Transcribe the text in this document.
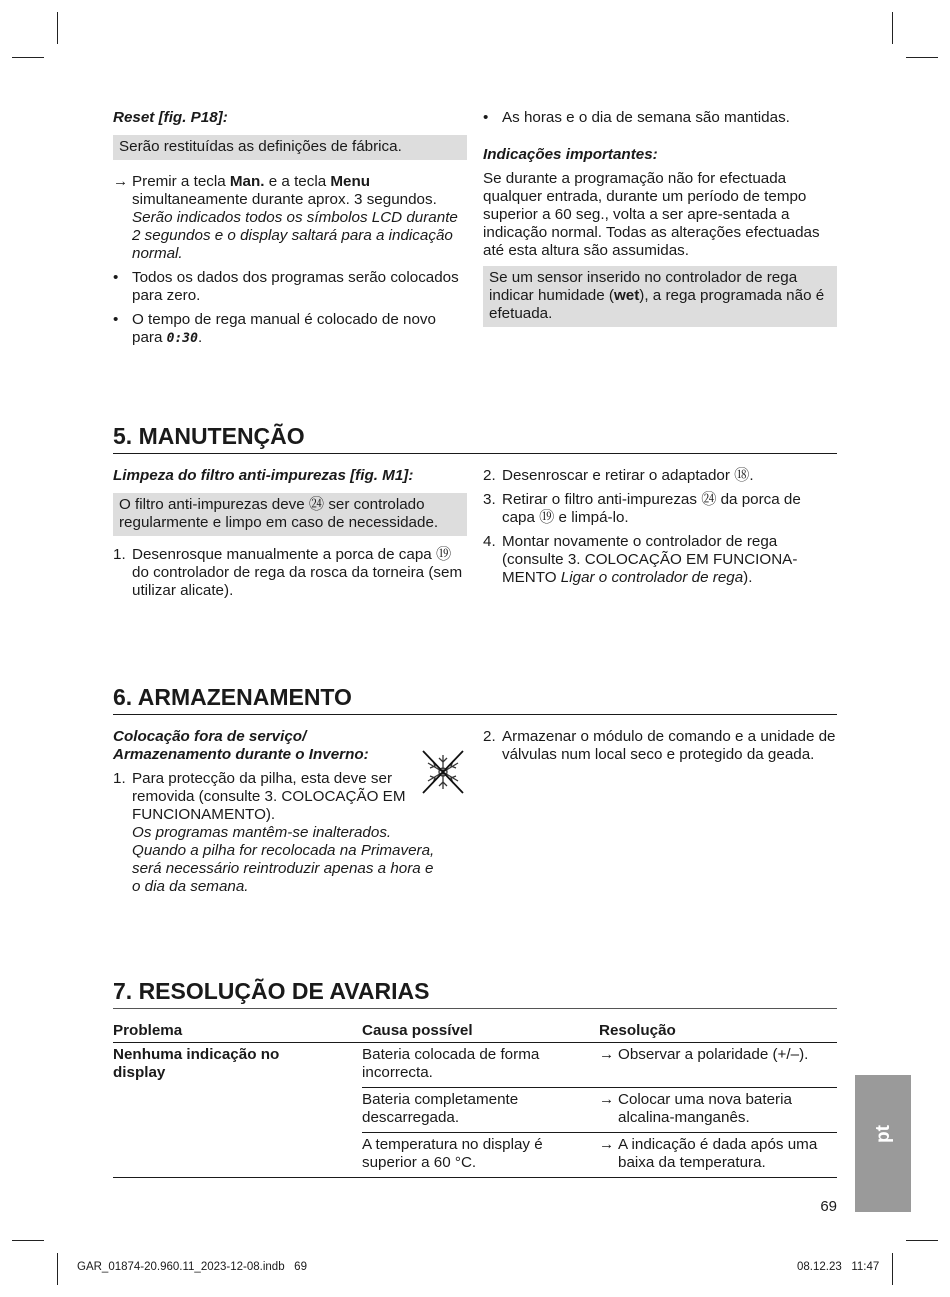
Reset [fig. P18]:
Serão restituídas as definições de fábrica.
→ Premir a tecla Man. e a tecla Menu simultaneamente durante aprox. 3 segundos.
Serão indicados todos os símbolos LCD durante 2 segundos e o display saltará para a indicação normal.
• Todos os dados dos programas serão colocados para zero.
• O tempo de rega manual é colocado de novo para 0:30.
• As horas e o dia de semana são mantidas.
Indicações importantes:

Se durante a programação não for efectuada qualquer entrada, durante um período de tempo superior a 60 seg., volta a ser apre-sentada a indicação normal. Todas as alterações efectuadas até esta altura são assumidas.

Se um sensor inserido no controlador de rega indicar humidade (wet), a rega programada não é efetuada.
5. MANUTENÇÃO
Limpeza do filtro anti-impurezas [fig. M1]:
O filtro anti-impurezas deve ㉔ ser controlado regularmente e limpo em caso de necessidade.
1. Desenrosque manualmente a porca de capa ⑲ do controlador de rega da rosca da torneira (sem utilizar alicate).
2. Desenroscar e retirar o adaptador ⑱.
3. Retirar o filtro anti-impurezas ㉔ da porca de capa ⑲ e limpá-lo.
4. Montar novamente o controlador de rega (consulte 3. COLOCAÇÃO EM FUNCIONA-MENTO Ligar o controlador de rega).
6. ARMAZENAMENTO
Colocação fora de serviço/
Armazenamento durante o Inverno:
1. Para protecção da pilha, esta deve ser removida (consulte 3. COLOCAÇÃO EM FUNCIONAMENTO).
Os programas mantêm-se inalterados. Quando a pilha for recolocada na Primavera, será necessário reintroduzir apenas a hora e o dia da semana.
2. Armazenar o módulo de comando e a unidade de válvulas num local seco e protegido da geada.
7. RESOLUÇÃO DE AVARIAS
Problema	Causa possível	Resolução

Nenhuma indicação no display	Bateria colocada de forma incorrecta.	→ Observar a polaridade (+/–).

	Bateria completamente descarregada.	→ Colocar uma nova bateria alcalina-manganês.

	A temperatura no display é superior a 60 °C.	→ A indicação é dada após uma baixa da temperatura.
pt
69
GAR_01874-20.960.11_2023-12-08.indb   69	08.12.23   11:47
